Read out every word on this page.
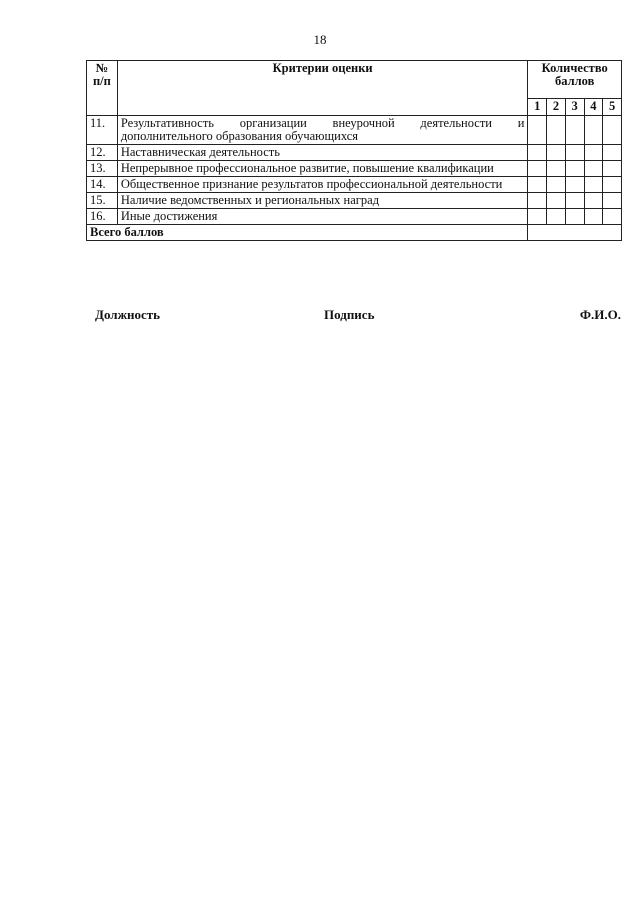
18
№ п/п	Критерии оценки	Количество баллов				
		1	2	3	4	5
11.	Результативность организации внеурочной деятельности и дополнительного образования обучающихся					
12.	Наставническая деятельность					
13.	Непрерывное профессиональное развитие, повышение квалификации					
14.	Общественное признание результатов профессиональной деятельности					
15.	Наличие ведомственных и региональных наград					
16.	Иные достижения					
Всего баллов						
Должность	Подпись	Ф.И.О.
